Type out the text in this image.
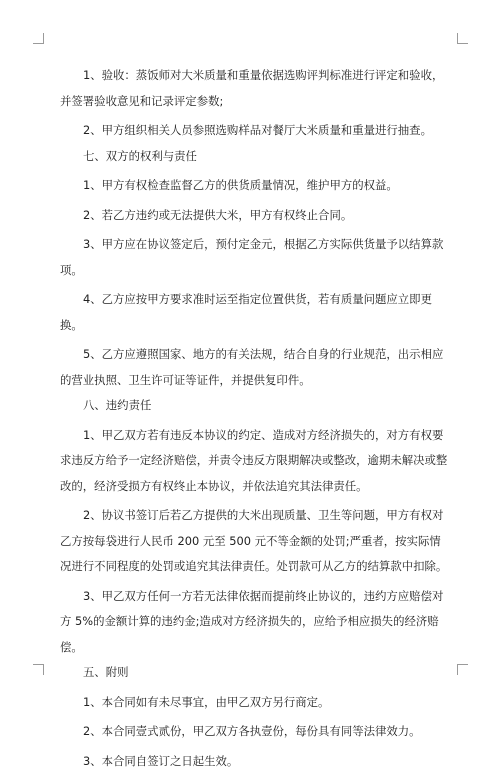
1、验收：蒸饭师对大米质量和重量依据选购评判标准进行评定和验收，并签署验收意见和记录评定参数;

2、甲方组织相关人员参照选购样品对餐厅大米质量和重量进行抽查。

七、双方的权利与责任

1、甲方有权检查监督乙方的供货质量情况，维护甲方的权益。

2、若乙方违约或无法提供大米，甲方有权终止合同。

3、甲方应在协议签定后，预付定金元，根据乙方实际供货量予以结算款项。

4、乙方应按甲方要求准时运至指定位置供货，若有质量问题应立即更换。

5、乙方应遵照国家、地方的有关法规，结合自身的行业规范，出示相应的营业执照、卫生许可证等证件，并提供复印件。

八、违约责任

1、甲乙双方若有违反本协议的约定、造成对方经济损失的，对方有权要求违反方给予一定经济赔偿，并责令违反方限期解决或整改，逾期未解决或整改的，经济受损方有权终止本协议，并依法追究其法律责任。

2、协议书签订后若乙方提供的大米出现质量、卫生等问题，甲方有权对乙方按每袋进行人民币 200 元至 500 元不等金额的处罚;严重者，按实际情况进行不同程度的处罚或追究其法律责任。处罚款可从乙方的结算款中扣除。

3、甲乙双方任何一方若无法律依据而提前终止协议的，违约方应赔偿对方 5%的金额计算的违约金;造成对方经济损失的，应给予相应损失的经济赔偿。

五、附则

1、本合同如有未尽事宜，由甲乙双方另行商定。

2、本合同壹式贰份，甲乙双方各执壹份，每份具有同等法律效力。

3、本合同自签订之日起生效。
